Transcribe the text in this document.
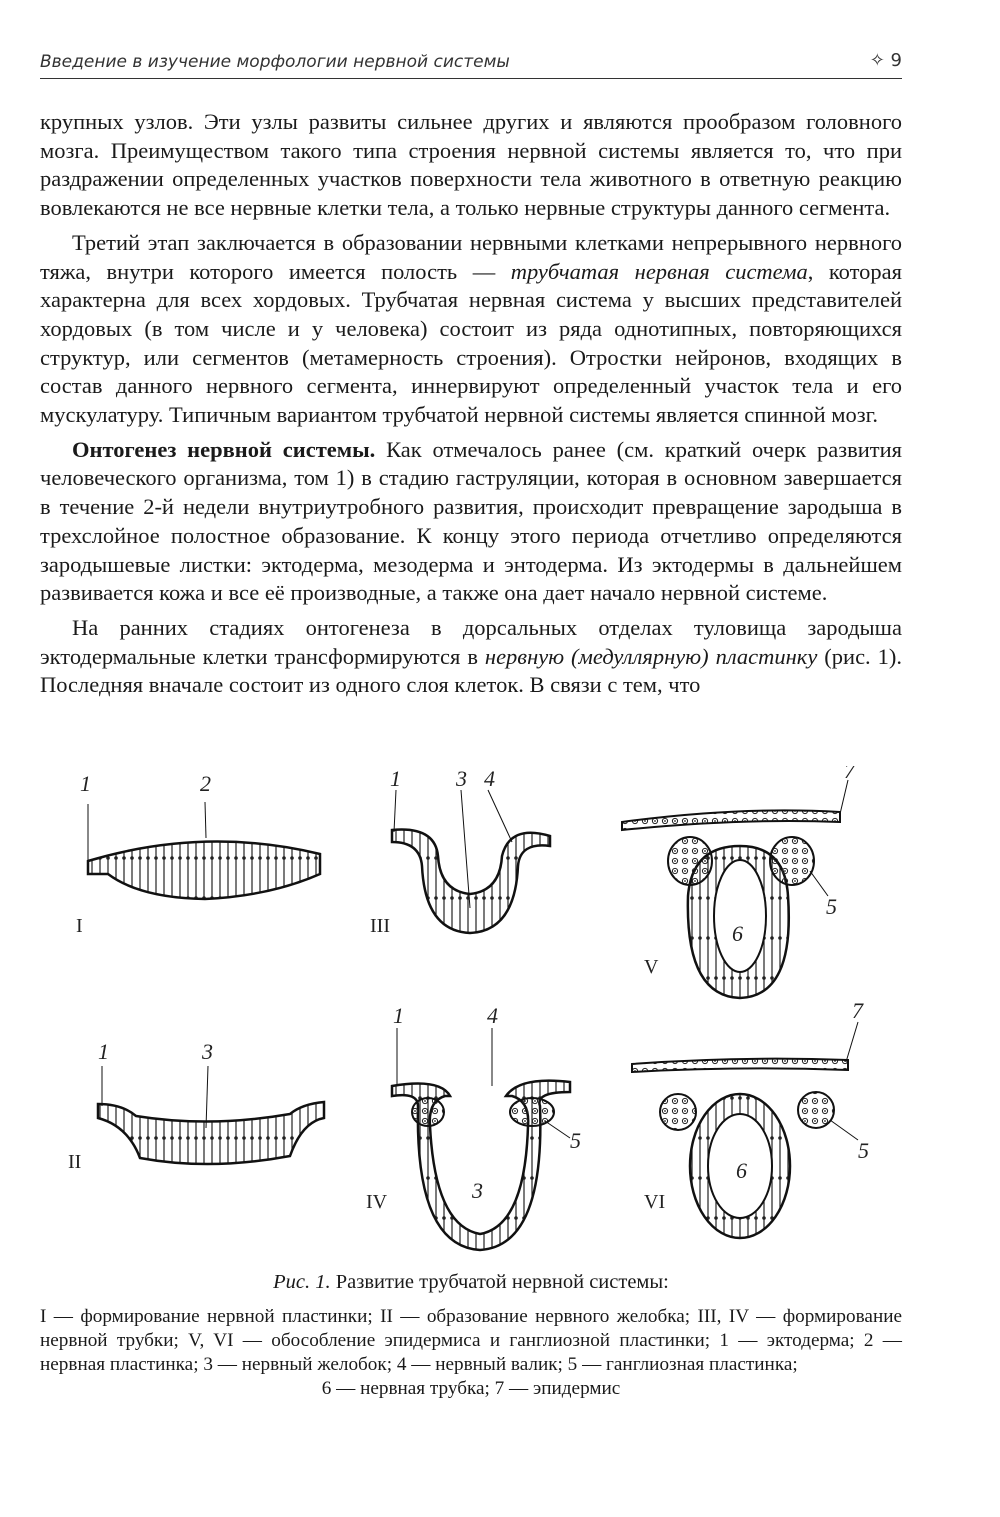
Введение в изучение морфологии нервной системы	✧ 9

крупных узлов. Эти узлы развиты сильнее других и являются прообразом головного мозга. Преимуществом такого типа строения нервной системы является то, что при раздражении определенных участков поверхности тела животного в ответную реакцию вовлекаются не все нервные клетки тела, а только нервные структуры данного сегмента.

Третий этап заключается в образовании нервными клетками непрерывного нервного тяжа, внутри которого имеется полость — трубчатая нервная система, которая характерна для всех хордовых. Трубчатая нервная система у высших представителей хордовых (в том числе и у человека) состоит из ряда однотипных, повторяющихся структур, или сегментов (метамерность строения). Отростки нейронов, входящих в состав данного нервного сегмента, иннервируют определенный участок тела и его мускулатуру. Типичным вариантом трубчатой нервной системы является спинной мозг.

Онтогенез нервной системы. Как отмечалось ранее (см. краткий очерк развития человеческого организма, том 1) в стадию гаструляции, которая в основном завершается в течение 2-й недели внутриутробного развития, происходит превращение зародыша в трехслойное полостное образование. К концу этого периода отчетливо определяются зародышевые листки: эктодерма, мезодерма и энтодерма. Из эктодермы в дальнейшем развивается кожа и все её производные, а также она дает начало нервной системе.

На ранних стадиях онтогенеза в дорсальных отделах туловища зародыша эктодермальные клетки трансформируются в нервную (медуллярную) пластинку (рис. 1). Последняя вначале состоит из одного слоя клеток. В связи с тем, что

1	2
I
1	3
II
1	3 4
III
1	4
5
3
IV
7
5
6
V
7
5
6
VI
Рис. 1. Развитие трубчатой нервной системы:
I — формирование нервной пластинки; II — образование нервного желобка; III, IV — формирование нервной трубки; V, VI — обособление эпидермиса и ганглиозной пластинки; 1 — эктодерма; 2 — нервная пластинка; 3 — нервный желобок; 4 — нервный валик; 5 — ганглиозная пластинка;
6 — нервная трубка; 7 — эпидермис
